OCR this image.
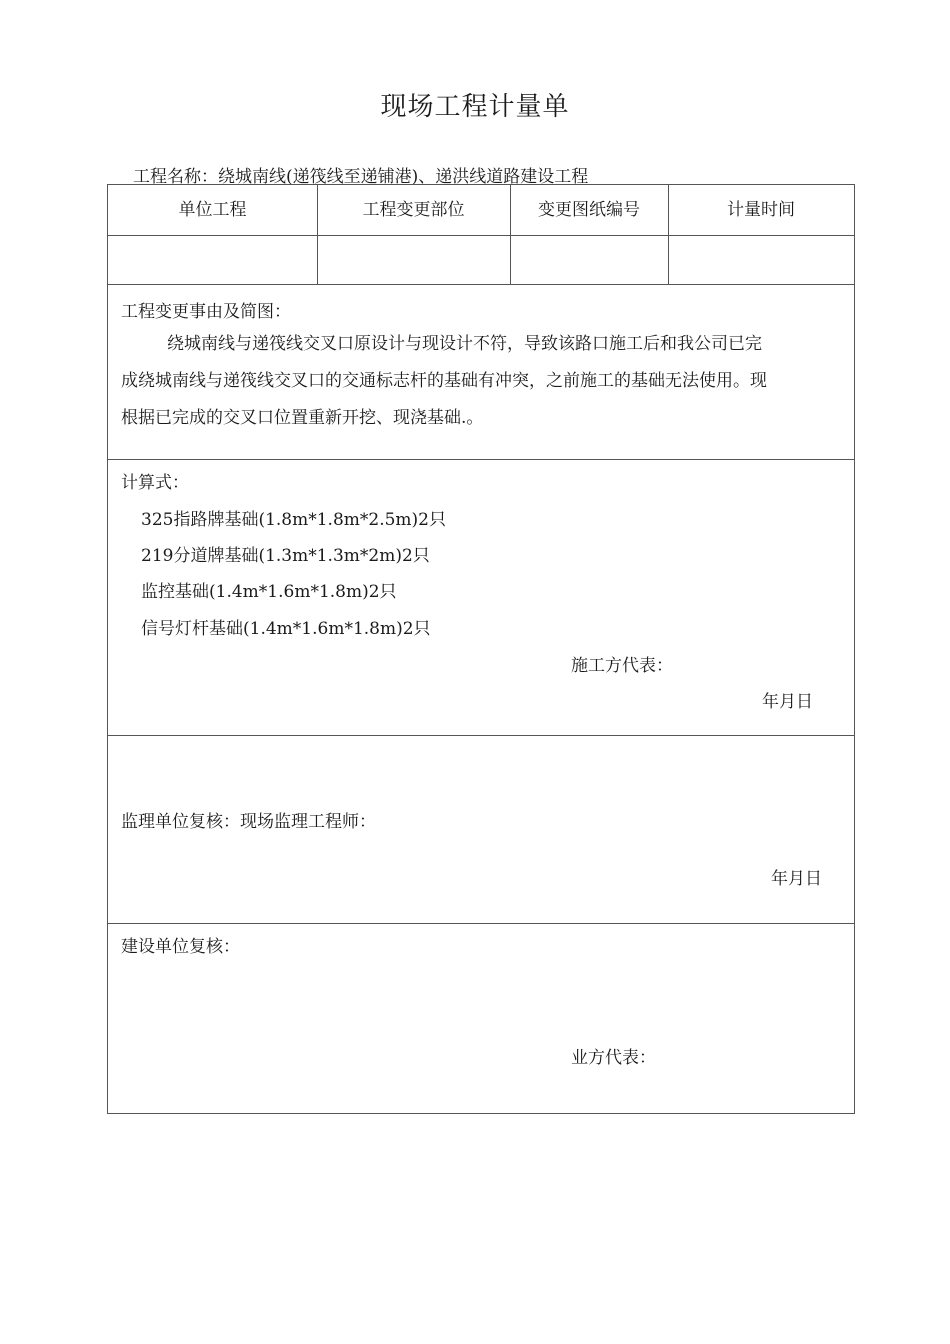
现场工程计量单
工程名称：绕城南线(递筏线至递铺港)、递洪线道路建设工程
单位工程	工程变更部位	变更图纸编号	计量时间
工程变更事由及简图：
绕城南线与递筏线交叉口原设计与现设计不符，导致该路口施工后和我公司已完
成绕城南线与递筏线交叉口的交通标志杆的基础有冲突，之前施工的基础无法使用。现
根据已完成的交叉口位置重新开挖、现浇基础.。
计算式：
325指路牌基础(1.8m*1.8m*2.5m)2只
219分道牌基础(1.3m*1.3m*2m)2只
监控基础(1.4m*1.6m*1.8m)2只
信号灯杆基础(1.4m*1.6m*1.8m)2只
施工方代表：
年月日
监理单位复核：现场监理工程师：
年月日
建设单位复核：
业方代表：
